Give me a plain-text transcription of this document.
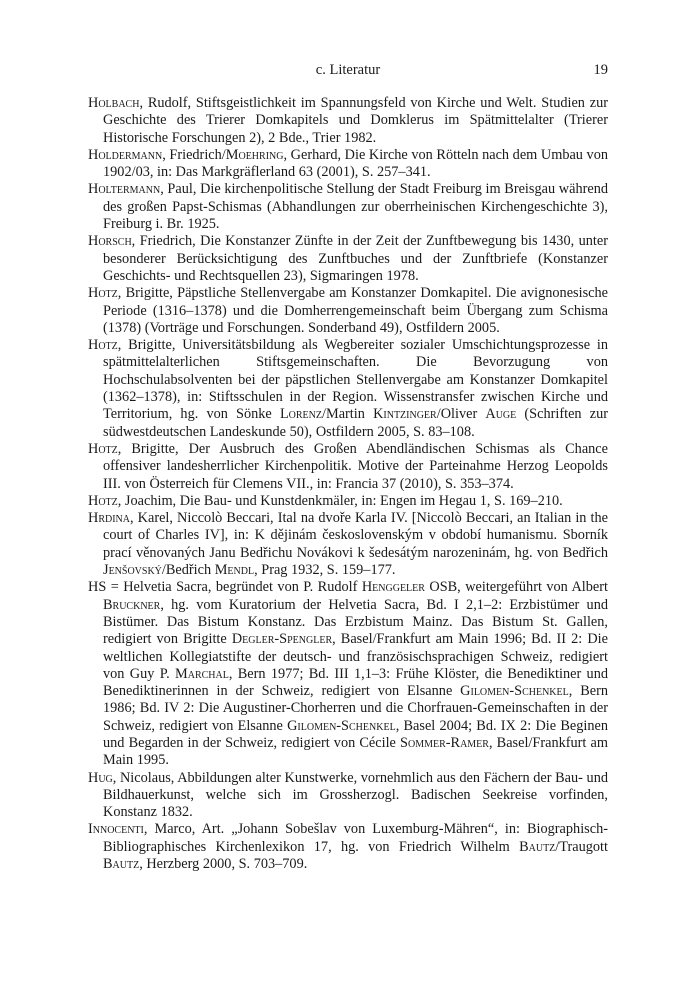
c. Literatur	19

Holbach, Rudolf, Stiftsgeistlichkeit im Spannungsfeld von Kirche und Welt. Studien zur Geschichte des Trierer Domkapitels und Domklerus im Spätmittelalter (Trierer Historische Forschungen 2), 2 Bde., Trier 1982.

Holdermann, Friedrich/Moehring, Gerhard, Die Kirche von Rötteln nach dem Umbau von 1902/03, in: Das Markgräflerland 63 (2001), S. 257–341.

Holtermann, Paul, Die kirchenpolitische Stellung der Stadt Freiburg im Breisgau während des großen Papst-Schismas (Abhandlungen zur oberrheinischen Kirchengeschichte 3), Freiburg i. Br. 1925.

Horsch, Friedrich, Die Konstanzer Zünfte in der Zeit der Zunftbewegung bis 1430, unter besonderer Berücksichtigung des Zunftbuches und der Zunftbriefe (Konstanzer Geschichts- und Rechtsquellen 23), Sigmaringen 1978.

Hotz, Brigitte, Päpstliche Stellenvergabe am Konstanzer Domkapitel. Die avignonesische Periode (1316–1378) und die Domherrengemeinschaft beim Übergang zum Schisma (1378) (Vorträge und Forschungen. Sonderband 49), Ostfildern 2005.

Hotz, Brigitte, Universitätsbildung als Wegbereiter sozialer Umschichtungsprozesse in spätmittelalterlichen Stiftsgemeinschaften. Die Bevorzugung von Hochschulabsolventen bei der päpstlichen Stellenvergabe am Konstanzer Domkapitel (1362–1378), in: Stiftsschulen in der Region. Wissenstransfer zwischen Kirche und Territorium, hg. von Sönke Lorenz/Martin Kintzinger/Oliver Auge (Schriften zur südwestdeutschen Landeskunde 50), Ostfildern 2005, S. 83–108.

Hotz, Brigitte, Der Ausbruch des Großen Abendländischen Schismas als Chance offensiver landesherrlicher Kirchenpolitik. Motive der Parteinahme Herzog Leopolds III. von Österreich für Clemens VII., in: Francia 37 (2010), S. 353–374.

Hotz, Joachim, Die Bau- und Kunstdenkmäler, in: Engen im Hegau 1, S. 169–210.

Hrdina, Karel, Niccolò Beccari, Ital na dvoře Karla IV. [Niccolò Beccari, an Italian in the court of Charles IV], in: K dějinám československým v období humanismu. Sborník prací věnovaných Janu Bedřichu Novákovi k šedesátým narozeninám, hg. von Bedřich Jenšovský/Bedřich Mendl, Prag 1932, S. 159–177.

HS = Helvetia Sacra, begründet von P. Rudolf Henggeler OSB, weitergeführt von Albert Bruckner, hg. vom Kuratorium der Helvetia Sacra, Bd. I 2,1–2: Erzbistümer und Bistümer. Das Bistum Konstanz. Das Erzbistum Mainz. Das Bistum St. Gallen, redigiert von Brigitte Degler-Spengler, Basel/Frankfurt am Main 1996; Bd. II 2: Die weltlichen Kollegiatstifte der deutsch- und französischsprachigen Schweiz, redigiert von Guy P. Marchal, Bern 1977; Bd. III 1,1–3: Frühe Klöster, die Benediktiner und Benediktinerinnen in der Schweiz, redigiert von Elsanne Gilomen-Schenkel, Bern 1986; Bd. IV 2: Die Augustiner-Chorherren und die Chorfrauen-Gemeinschaften in der Schweiz, redigiert von Elsanne Gilomen-Schenkel, Basel 2004; Bd. IX 2: Die Beginen und Begarden in der Schweiz, redigiert von Cécile Sommer-Ramer, Basel/Frankfurt am Main 1995.

Hug, Nicolaus, Abbildungen alter Kunstwerke, vornehmlich aus den Fächern der Bau- und Bildhauerkunst, welche sich im Grossherzogl. Badischen Seekreise vorfinden, Konstanz 1832.

Innocenti, Marco, Art. „Johann Sobešlav von Luxemburg-Mähren“, in: Biographisch-Bibliographisches Kirchenlexikon 17, hg. von Friedrich Wilhelm Bautz/Traugott Bautz, Herzberg 2000, S. 703–709.
